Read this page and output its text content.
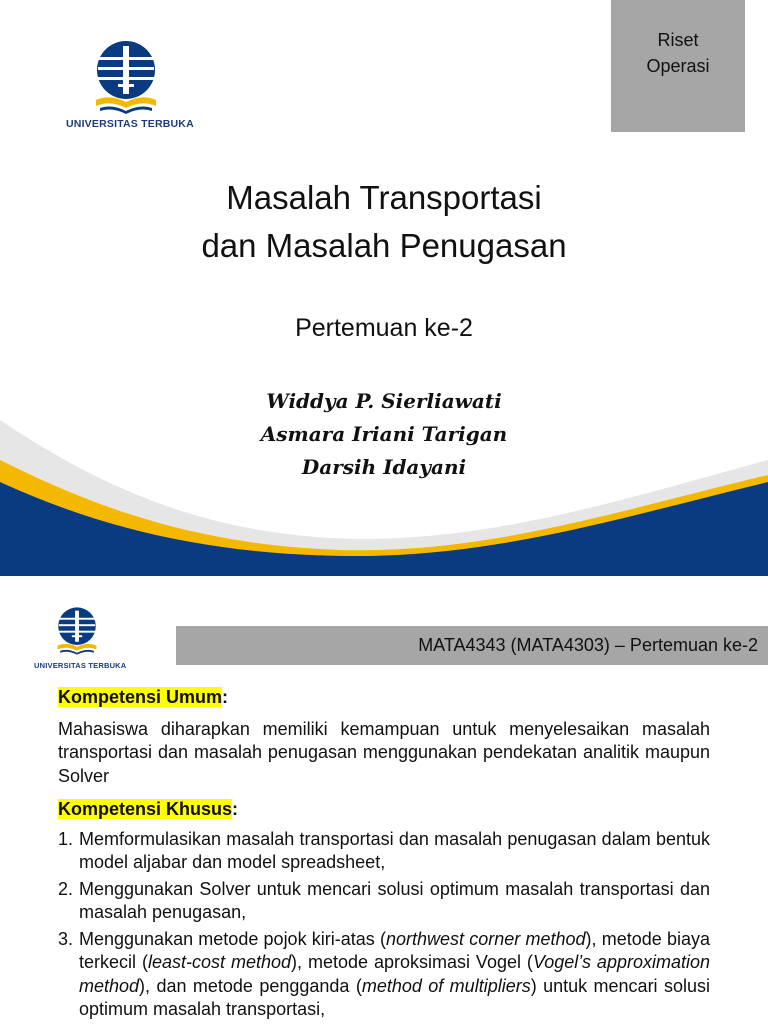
UNIVERSITAS TERBUKA
Riset
Operasi
Masalah Transportasi
dan Masalah Penugasan
Pertemuan ke-2
Widdya P. Sierliawati
Asmara Iriani Tarigan
Darsih Idayani
UNIVERSITAS TERBUKA
MATA4343 (MATA4303) – Pertemuan ke-2

Kompetensi Umum:

Mahasiswa diharapkan memiliki kemampuan untuk menyelesaikan masalah transportasi dan masalah penugasan menggunakan pendekatan analitik maupun Solver

Kompetensi Khusus:

1. Memformulasikan masalah transportasi dan masalah penugasan dalam bentuk model aljabar dan model spreadsheet,
2. Menggunakan Solver untuk mencari solusi optimum masalah transportasi dan masalah penugasan,
3. Menggunakan metode pojok kiri-atas (northwest corner method), metode biaya terkecil (least-cost method), metode aproksimasi Vogel (Vogel’s approximation method), dan metode pengganda (method of multipliers) untuk mencari solusi optimum masalah transportasi,
